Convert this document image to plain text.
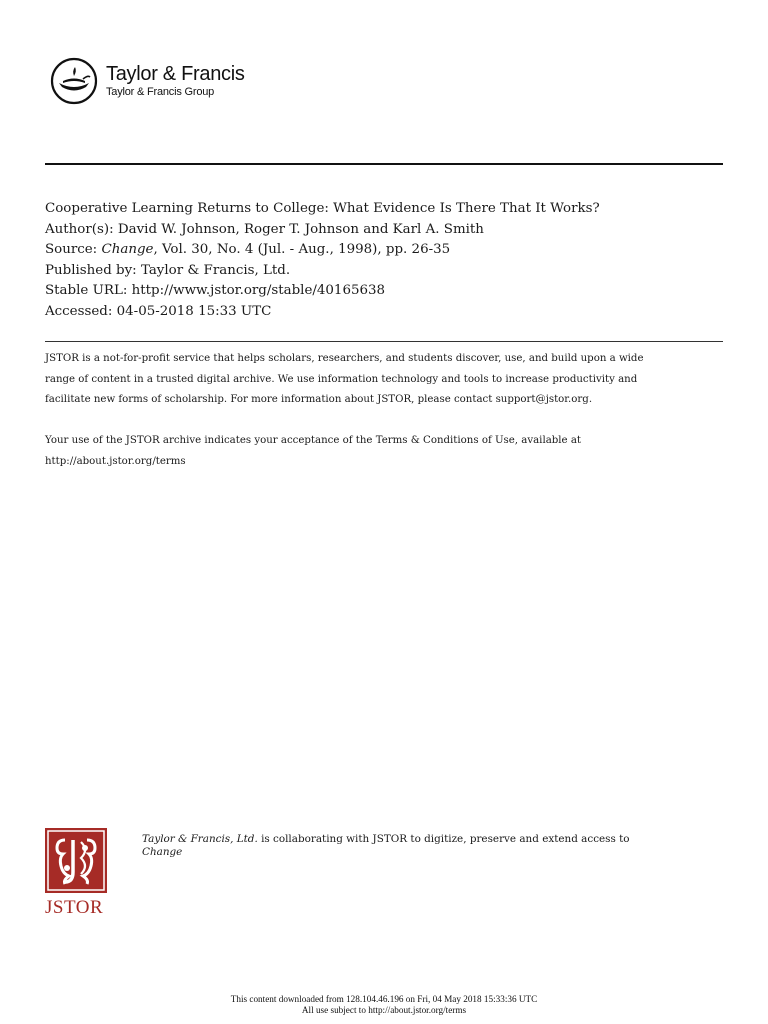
Taylor & Francis
Taylor & Francis Group
Cooperative Learning Returns to College: What Evidence Is There That It Works?
Author(s): David W. Johnson, Roger T. Johnson and Karl A. Smith
Source: Change, Vol. 30, No. 4 (Jul. - Aug., 1998), pp. 26-35
Published by: Taylor & Francis, Ltd.
Stable URL: http://www.jstor.org/stable/40165638
Accessed: 04-05-2018 15:33 UTC
JSTOR is a not-for-profit service that helps scholars, researchers, and students discover, use, and build upon a wide
range of content in a trusted digital archive. We use information technology and tools to increase productivity and
facilitate new forms of scholarship. For more information about JSTOR, please contact support@jstor.org.
Your use of the JSTOR archive indicates your acceptance of the Terms & Conditions of Use, available at
http://about.jstor.org/terms
JSTOR
Taylor & Francis, Ltd. is collaborating with JSTOR to digitize, preserve and extend access to
Change
This content downloaded from 128.104.46.196 on Fri, 04 May 2018 15:33:36 UTC
All use subject to http://about.jstor.org/terms
